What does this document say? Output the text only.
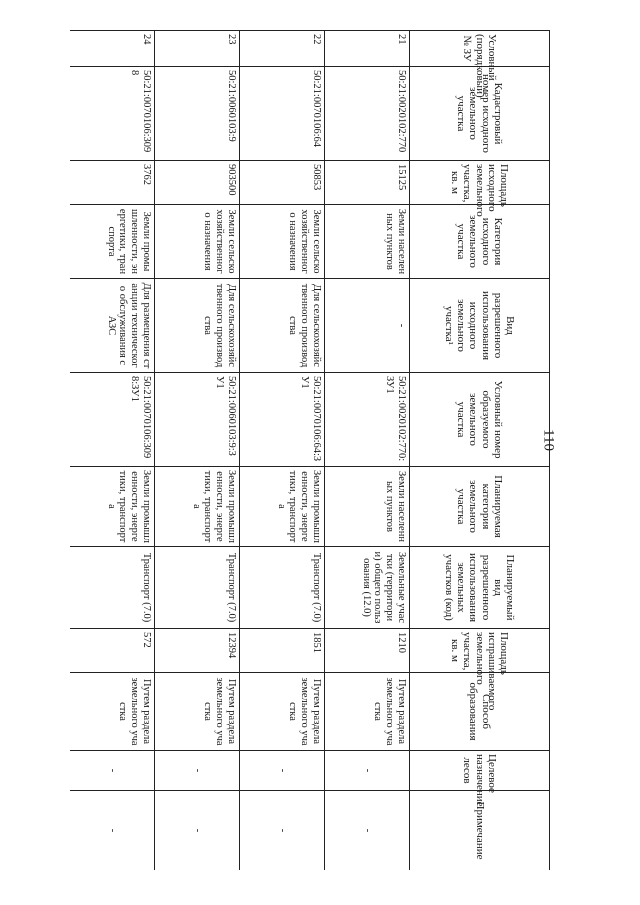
110
Условный (порядковый) № ЗУ	Кадастровый номер исходного земельного участка	Площадь исходного земельного участка, кв. м	Категория исходного земельного участка	Вид разрешенного использования исходного земельного участка¹	Условный номер образуемого земельного участка	Планируемая категория земельного участка	Планируемый вид разрешенного использования земельных участков (код)	Площадь испрашиваемого земельного участка, кв. м	Способ образования	Целевое назначение лесов	Примечание
21	50:21:0020102:770	15125	Земли населенных пунктов	-	50:21:0020102:770:ЗУ1	Земли населенных пунктов	Земельные участки (территории) общего пользования (12.0)	1210	Путем раздела земельного участка	-	-
22	50:21:0070106:64	50853	Земли сельскохозяйственного назначения	Для сельскохозяйственного производства	50:21:0070106:64:ЗУ1	Земли промышленности, энергетики, транспорта	Транспорт (7.0)	1851	Путем раздела земельного участка	-	-
23	50:21:0060103:9	903500	Земли сельскохозяйственного назначения	Для сельскохозяйственного производства	50:21:0060103:9:ЗУ1	Земли промышленности, энергетики, транспорта	Транспорт (7.0)	12394	Путем раздела земельного участка	-	-
24	50:21:0070106:3098	3762	Земли промышленности, энергетики, транспорта	Для размещения станции технического обслуживания с АЗС	50:21:0070106:3098:ЗУ1	Земли промышленности, энергетики, транспорта	Транспорт (7.0)	572	Путем раздела земельного участка	-	-
